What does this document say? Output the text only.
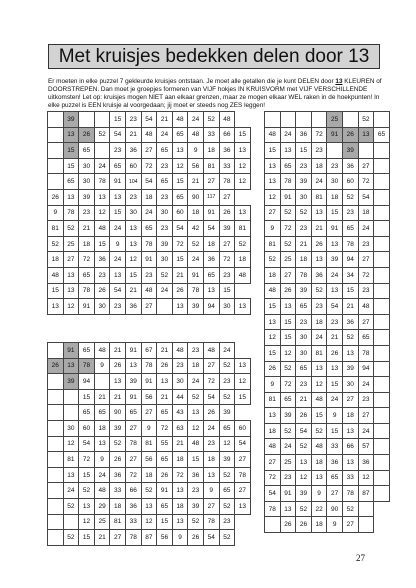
Met kruisjes bedekken delen door 13
Er moeten in elke puzzel 7 gekleurde kruisjes ontstaan. Je moet alle getallen die je kunt DELEN door 13 KLEUREN of DOORSTREPEN. Dan moet je groepjes formeren van VIJF hokjes IN KRUISVORM met VIJF VERSCHILLENDE uitkomsten! Let op: kruisjes mogen NIET aan elkaar grenzen, maar ze mogen elkaar WEL raken in de hoekpunten! In elke puzzel is EEN kruisje al voorgedaan; jij moet er steeds nog ZES leggen!
	39			15	23	54	21	48	24	52	48	
	13	26	52	54	21	48	24	65	48	33	66	15
	15	65		23	36	27	65	13	9	18	36	13
	15	30	24	65	60	72	23	12	56	81	33	12
	65	30	78	91	104	54	65	15	21	27	78	12
26	13	39	13	13	23	18	23	65	90	117	27	
9	78	23	12	15	30	24	30	60	18	91	26	13
81	52	21	48	24	13	65	23	54	42	54	39	81
52	25	18	15	9	13	78	39	72	52	18	27	52
18	27	72	36	24	12	91	30	15	24	36	72	18
48	13	65	23	13	15	23	52	21	91	65	23	48
15	13	78	26	54	21	48	24	26	78	13	15	
13	12	91	30	23	36	27		13	39	94	30	13
	91	65	48	21	91	67	21	48	23	48	24	
26	13	78	9	26	13	78	26	23	18	27	52	13
	39	94		13	39	91	13	30	24	72	23	12
		15	21	21	91	56	21	44	52	54	52	15
		65	65	90	65	27	65	43	13	26	39	
	30	60	18	39	27	9	72	63	12	24	65	60
	12	54	13	52	78	81	55	21	48	23	12	54
	81	72	9	26	27	56	65	18	15	18	39	27
	13	15	24	36	72	18	26	72	36	13	52	78
	24	52	48	33	66	52	91	13	23	9	65	27
	52	13	29	18	36	13	65	18	39	27	52	13
		12	25	81	33	12	15	13	52	78	23	
	52	15	21	27	78	87	56	9	26	54	52	
				25		52	
48	24	36	72	91	26	13	65
15	13	15	23		39		
13	65	23	18	23	36	27	
13	78	39	24	30	60	72	
12	91	30	81	18	52	54	
27	52	52	13	15	23	18	
9	72	23	21	91	65	24	
81	52	21	26	13	78	23	
52	25	18	13	39	94	27	
18	27	78	36	24	34	72	
48	26	39	52	13	15	23	
15	13	65	23	54	21	48	
13	15	23	18	23	36	27	
12	15	30	24	21	52	65	
15	12	30	81	26	13	78	
26	52	65	13	13	39	94	
9	72	23	12	15	30	24	
81	65	21	48	24	27	23	
13	39	26	15	9	18	27	
18	52	54	52	15	13	24	
48	24	52	48	33	66	57	
27	25	13	18	36	13	36	
72	23	12	13	65	33	12	
54	91	39	9	27	78	87	
78	13	52	22	90	52		
	26	26	18	9	27		
27
